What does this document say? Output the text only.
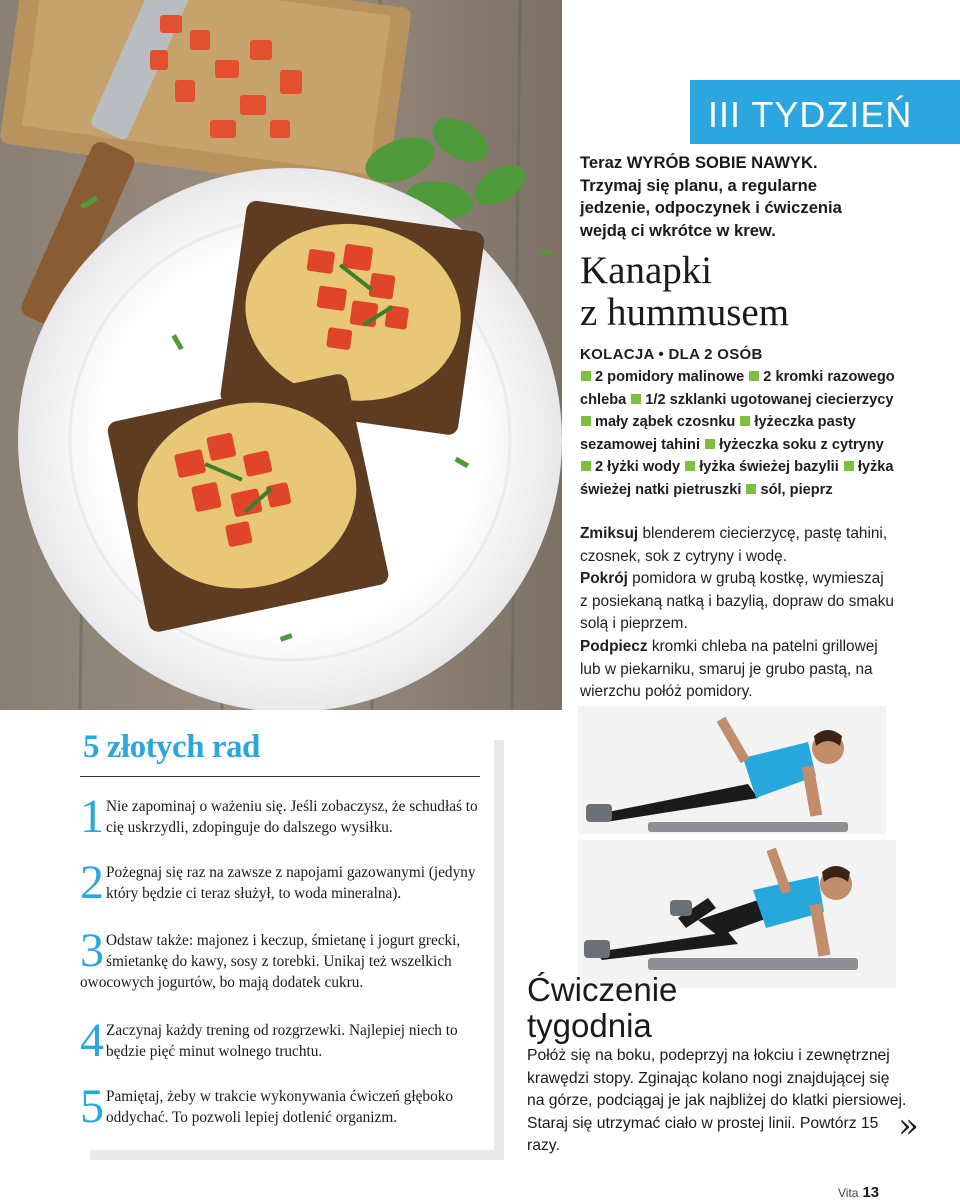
III TYDZIEŃ
Teraz WYRÓB SOBIE NAWYK. Trzymaj się planu, a regularne jedzenie, odpoczynek i ćwiczenia wejdą ci wkrótce w krew.
Kanapki
z hummusem
KOLACJA • DLA 2 OSÓB
2 pomidory malinowe 2 kromki razowego chleba 1/2 szklanki ugotowanej ciecierzycy mały ząbek czosnku łyżeczka pasty sezamowej tahini łyżeczka soku z cytryny 2 łyżki wody łyżka świeżej bazylii łyżka świeżej natki pietruszki sól, pieprz

Zmiksuj blenderem ciecierzycę, pastę tahini, czosnek, sok z cytryny i wodę.

Pokrój pomidora w grubą kostkę, wymieszaj z posiekaną natką i bazylią, dopraw do smaku solą i pieprzem.

Podpiecz kromki chleba na patelni grillowej lub w piekarniku, smaruj je grubo pastą, na wierzchu połóż pomidory.

5 złotych rad
1 Nie zapominaj o ważeniu się. Jeśli zobaczysz, że schudłaś to cię uskrzydli, zdopinguje do dalszego wysiłku.
2 Pożegnaj się raz na zawsze z napojami gazowanymi (jedyny który będzie ci teraz służył, to woda mineralna).
3 Odstaw także: majonez i keczup, śmietanę i jogurt grecki, śmietankę do kawy, sosy z torebki. Unikaj też wszelkich owocowych jogurtów, bo mają dodatek cukru.
4 Zaczynaj każdy trening od rozgrzewki. Najlepiej niech to będzie pięć minut wolnego truchtu.
5 Pamiętaj, żeby w trakcie wykonywania ćwiczeń głęboko oddychać. To pozwoli lepiej dotlenić organizm.
Ćwiczenie
tygodnia
Połóż się na boku, podeprzyj na łokciu i zewnętrznej krawędzi stopy. Zginając kolano nogi znajdującej się na górze, podciągaj je jak najbliżej do klatki piersiowej. Staraj się utrzymać ciało w prostej linii. Powtórz 15 razy.	»
Vita 13
